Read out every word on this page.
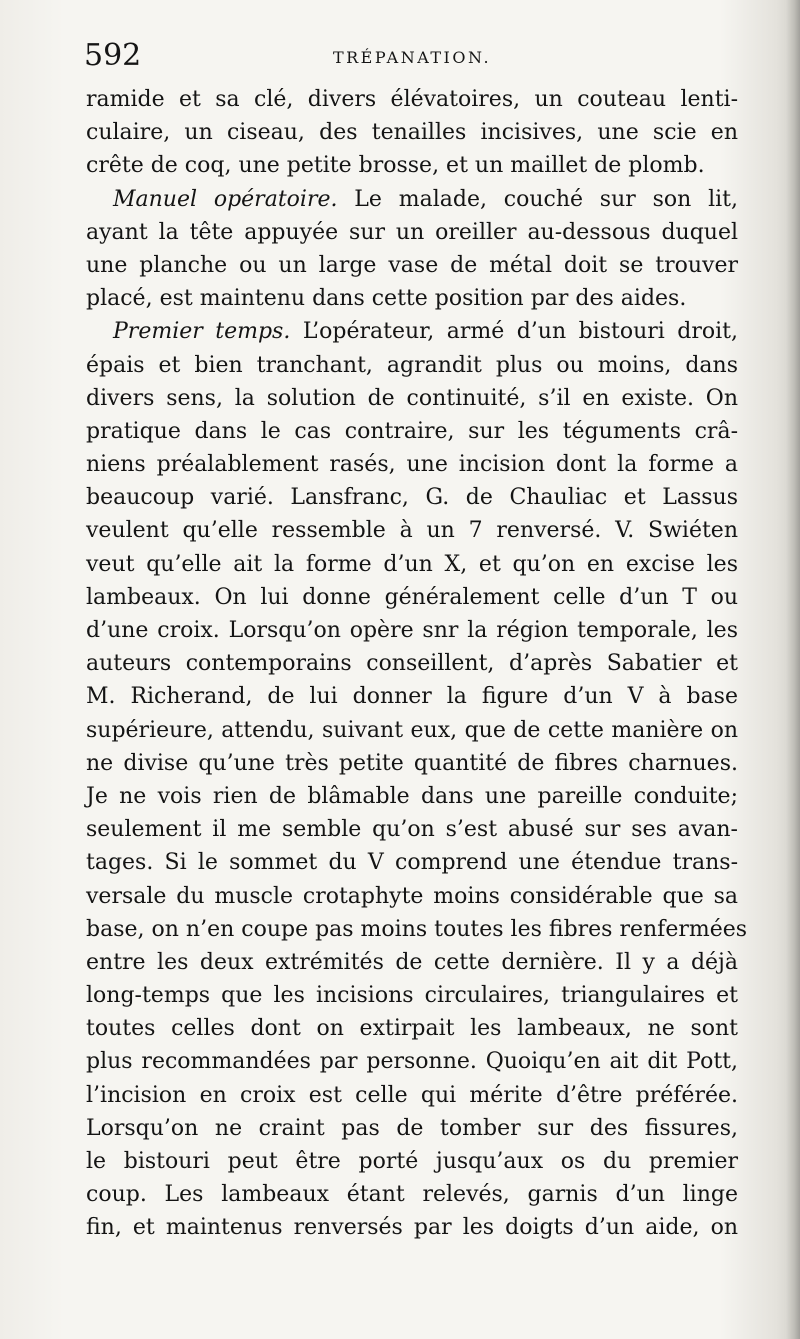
592	TRÉPANATION.
ramide et sa clé, divers élévatoires, un couteau lenti-
culaire, un ciseau, des tenailles incisives, une scie en
crête de coq, une petite brosse, et un maillet de plomb.
Manuel opératoire. Le malade, couché sur son lit,
ayant la tête appuyée sur un oreiller au-dessous duquel
une planche ou un large vase de métal doit se trouver
placé, est maintenu dans cette position par des aides.
Premier temps. L’opérateur, armé d’un bistouri droit,
épais et bien tranchant, agrandit plus ou moins, dans
divers sens, la solution de continuité, s’il en existe. On
pratique dans le cas contraire, sur les téguments crâ-
niens préalablement rasés, une incision dont la forme a
beaucoup varié. Lansfranc, G. de Chauliac et Lassus
veulent qu’elle ressemble à un 7 renversé. V. Swiéten
veut qu’elle ait la forme d’un X, et qu’on en excise les
lambeaux. On lui donne généralement celle d’un T ou
d’une croix. Lorsqu’on opère snr la région temporale, les
auteurs contemporains conseillent, d’après Sabatier et
M. Richerand, de lui donner la figure d’un V à base
supérieure, attendu, suivant eux, que de cette manière on
ne divise qu’une très petite quantité de fibres charnues.
Je ne vois rien de blâmable dans une pareille conduite;
seulement il me semble qu’on s’est abusé sur ses avan-
tages. Si le sommet du V comprend une étendue trans-
versale du muscle crotaphyte moins considérable que sa
base, on n’en coupe pas moins toutes les fibres renfermées
entre les deux extrémités de cette dernière. Il y a déjà
long-temps que les incisions circulaires, triangulaires et
toutes celles dont on extirpait les lambeaux, ne sont
plus recommandées par personne. Quoiqu’en ait dit Pott,
l’incision en croix est celle qui mérite d’être préférée.
Lorsqu’on ne craint pas de tomber sur des fissures,
le bistouri peut être porté jusqu’aux os du premier
coup. Les lambeaux étant relevés, garnis d’un linge
fin, et maintenus renversés par les doigts d’un aide, on
